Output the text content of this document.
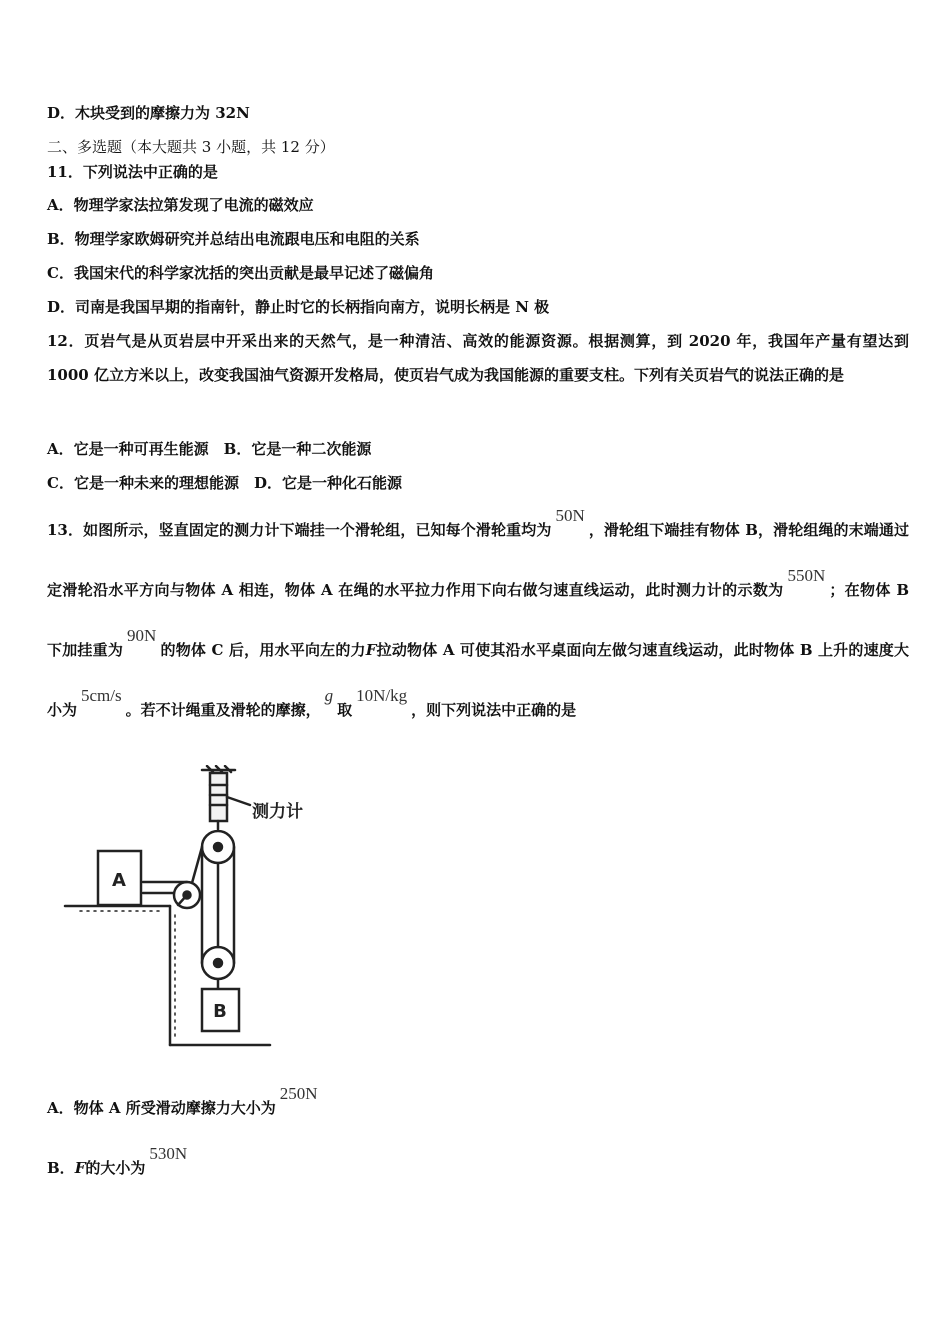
D．木块受到的摩擦力为 32N
二、多选题（本大题共 3 小题，共 12 分）
11．下列说法中正确的是
A．物理学家法拉第发现了电流的磁效应
B．物理学家欧姆研究并总结出电流跟电压和电阻的关系
C．我国宋代的科学家沈括的突出贡献是最早记述了磁偏角
D．司南是我国早期的指南针，静止时它的长柄指向南方，说明长柄是 N 极
12．页岩气是从页岩层中开采出来的天然气，是一种清洁、高效的能源资源。根据测算，到 2020 年，我国年产量有望达到 1000 亿立方米以上，改变我国油气资源开发格局，使页岩气成为我国能源的重要支柱。下列有关页岩气的说法正确的是
A．它是一种可再生能源　B．它是一种二次能源
C．它是一种未来的理想能源　D．它是一种化石能源
13．如图所示，竖直固定的测力计下端挂一个滑轮组，已知每个滑轮重均为50N，滑轮组下端挂有物体 B，滑轮组绳的末端通过定滑轮沿水平方向与物体 A 相连，物体 A 在绳的水平拉力作用下向右做匀速直线运动，此时测力计的示数为550N；在物体 B 下加挂重为90N的物体 C 后，用水平向左的力F拉动物体 A 可使其沿水平桌面向左做匀速直线运动，此时物体 B 上升的速度大小为5cm/s。若不计绳重及滑轮的摩擦，g取10N/kg，则下列说法中正确的是
测力计
A
B
A．物体 A 所受滑动摩擦力大小为250N
B．F的大小为530N
